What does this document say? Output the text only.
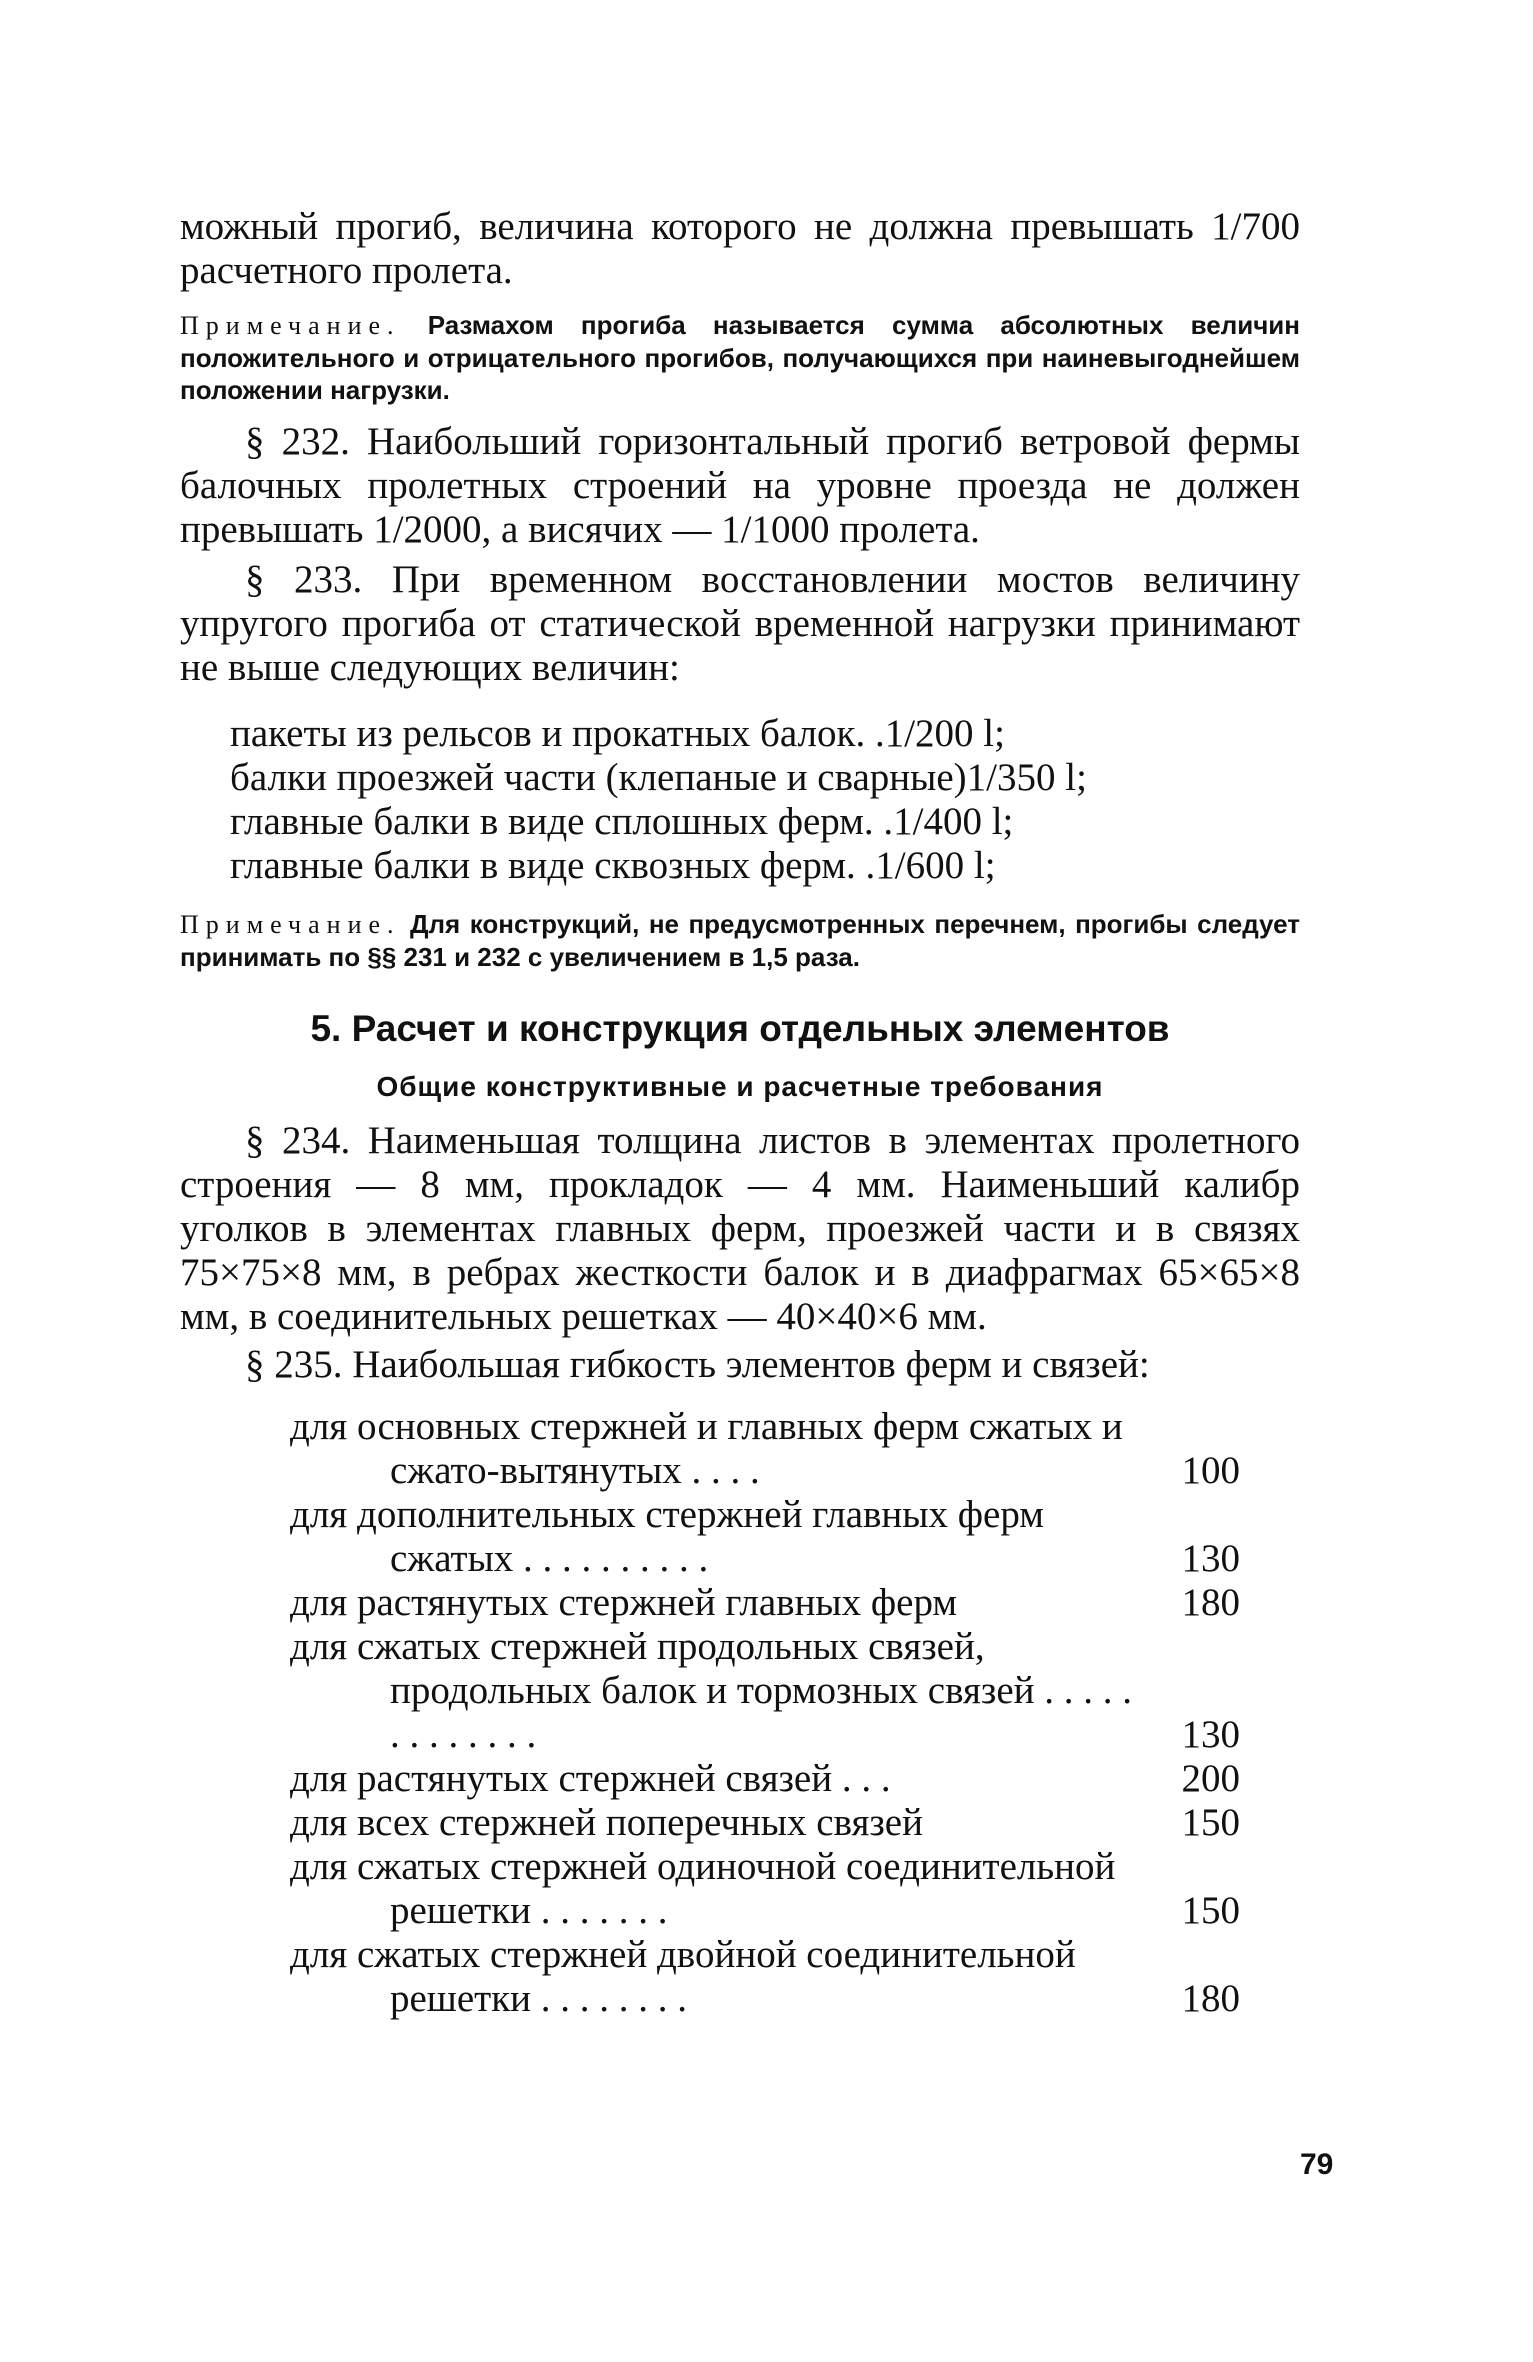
можный прогиб, величина которого не должна превышать 1/700 расчетного пролета.

Примечание. Размахом прогиба называется сумма абсолютных величин положительного и отрицательного прогибов, получающихся при наиневыгоднейшем положении нагрузки.

§ 232. Наибольший горизонтальный прогиб ветровой фермы балочных пролетных строений на уровне проезда не должен превышать 1/2000, а висячих — 1/1000 пролета.

§ 233. При временном восстановлении мостов величину упругого прогиба от статической временной нагрузки принимают не выше следующих величин:

пакеты из рельсов и прокатных балок . . 1/200 l;
балки проезжей части (клепаные и сварные) 1/350 l;
главные балки в виде сплошных ферм . . 1/400 l;
главные балки в виде сквозных ферм . . 1/600 l;

Примечание. Для конструкций, не предусмотренных перечнем, прогибы следует принимать по §§ 231 и 232 с увеличением в 1,5 раза.

5. Расчет и конструкция отдельных элементов
Общие конструктивные и расчетные требования

§ 234. Наименьшая толщина листов в элементах пролетного строения — 8 мм, прокладок — 4 мм. Наименьший калибр уголков в элементах главных ферм, проезжей части и в связях 75×75×8 мм, в ребрах жесткости балок и в диафрагмах 65×65×8 мм, в соединительных решетках — 40×40×6 мм.

§ 235. Наибольшая гибкость элементов ферм и связей:

для основных стержней и главных ферм сжатых и сжато-вытянутых . . . .	100
для дополнительных стержней главных ферм сжатых . . . . . . . . . .	130
для растянутых стержней главных ферм	180
для сжатых стержней продольных связей, продольных балок и тормозных связей . . . . . . . . . . . . .	130
для растянутых стержней связей . . .	200
для всех стержней поперечных связей	150
для сжатых стержней одиночной соединительной решетки . . . . . . .	150
для сжатых стержней двойной соединительной решетки . . . . . . . .	180
79
